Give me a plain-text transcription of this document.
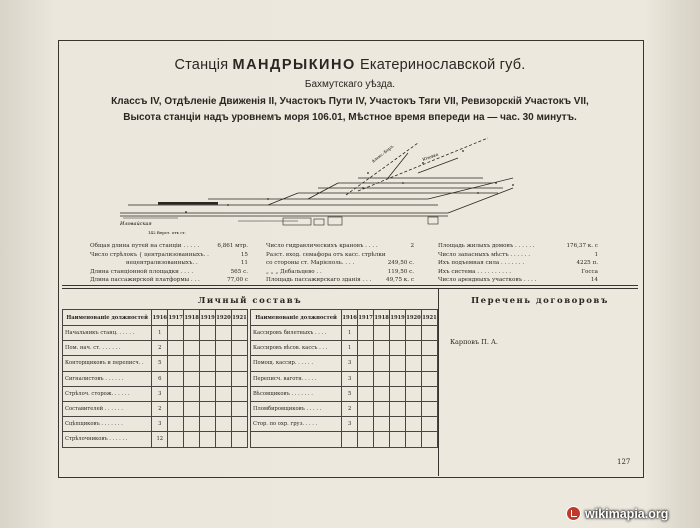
Станція МАНДРЫКИНО Екатеринославской губ.
Бахмутскаго уѣзда.
Классъ IV, Отдѣленіе Движенія II, Участокъ Пути IV, Участокъ Тяги VII, Ревизорскій Участокъ VII,
Высота станціи надъ уровнемъ моря 106.01, Мѣстное время впереди на — час. 30 минутъ.
Иловайская
142 Верст. отъ ст.
Алекс.-Берл.	Юзовка
Общая длина путей на станціи . . . . .	6,861 мтр.
Число стрѣлокъ { централизованныхъ. .	15
нецентрализованныхъ. .	11
Длина станціонной площадки . . . .	565 с.
Длина пассажирской платформы . . .	77,00 с
Число гидравлическихъ крановъ . . . .	2
Разст. вход. семафора отъ касс. стрѣлки
со стороны ст. Марієполь. . . .	249,50 с.
„ „ „ Дебальцево . .	119,50 с.
Площадь пассажирскаго зданія . . .	49,75 к. с
Площадь жилыхъ домовъ . . . . . .	176,37 к. с
Число запасныхъ мѣстъ . . . . . .	1
Ихъ подъемная сила . . . . . . .	4225 п.
Ихъ система . . . . . . . . . .	Госса
Число арендныхъ участковъ . . . .	14
Личный составъ	Перечень договоровъ
Наименованіе должностей	1916	1917	1918	1919	1920	1921
Начальникъ станц. . . . . .	1					
Пом. нач. ст. . . . . . .	2					
Конторщиковъ и переписч. .	5					
Сигналистовъ . . . . . .	6					
Стрѣлоч. сторож. . . . . .	3					
Составителей . . . . . .	2					
Сцѣпщиковъ . . . . . . .	3					
Стрѣлочниковъ . . . . . .	12					
Наименованіе должностей	1916	1917	1918	1919	1920	1921
Кассировъ билетныхъ . . . .	1					
Кассировъ вѣсов. кассъ . . .	1					
Помощ. кассир. . . . . .	3					
Переписч. ваготн. . . . .	3					
Вѣсовщиковъ . . . . . . .	5					
Пломбировщиковъ . . . . .	2					
Стор. по охр. груз. . . . .	3					

Карповъ П. А.
127
wikimapia.org
